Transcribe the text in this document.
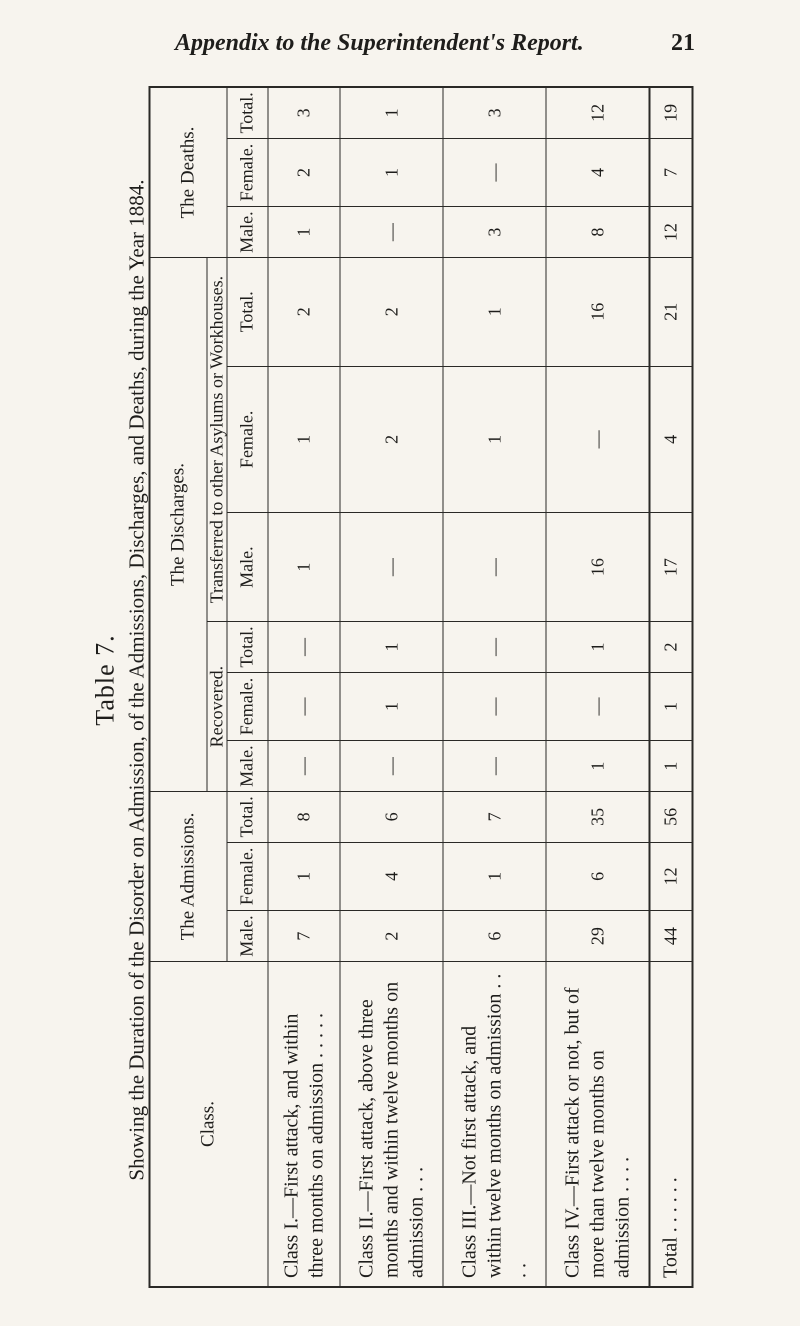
Appendix to the Superintendent's Report.	21
Table 7. Showing the Duration of the Disorder on Admission, of the Admissions, Discharges, and Deaths, during the Year 1884.	Class.	The Admissions.			The Discharges.						The Deaths.		
				Recovered.			Transferred to other Asylums or Workhouses.					
	Male.	Female.	Total.	Male.	Female.	Total.	Male.	Female.	Total.	Male.	Female.	Total.
Class I.—First attack, and within three months on admission . . . . .	7	1	8	—	—	—	1	1	2	1	2	3
Class II.—First attack, above three months and within twelve months on admission . . .	2	4	6	—	1	1	—	2	2	—	1	1
Class III.—Not first attack, and within twelve months on admission . . . .	6	1	7	—	—	—	—	1	1	3	—	3
Class IV.—First attack or not, but of more than twelve months on admission . . . .	29	6	35	1	—	1	16	—	16	8	4	12
Total . . . . . .	44	12	56	1	1	2	17	4	21	12	7	19
